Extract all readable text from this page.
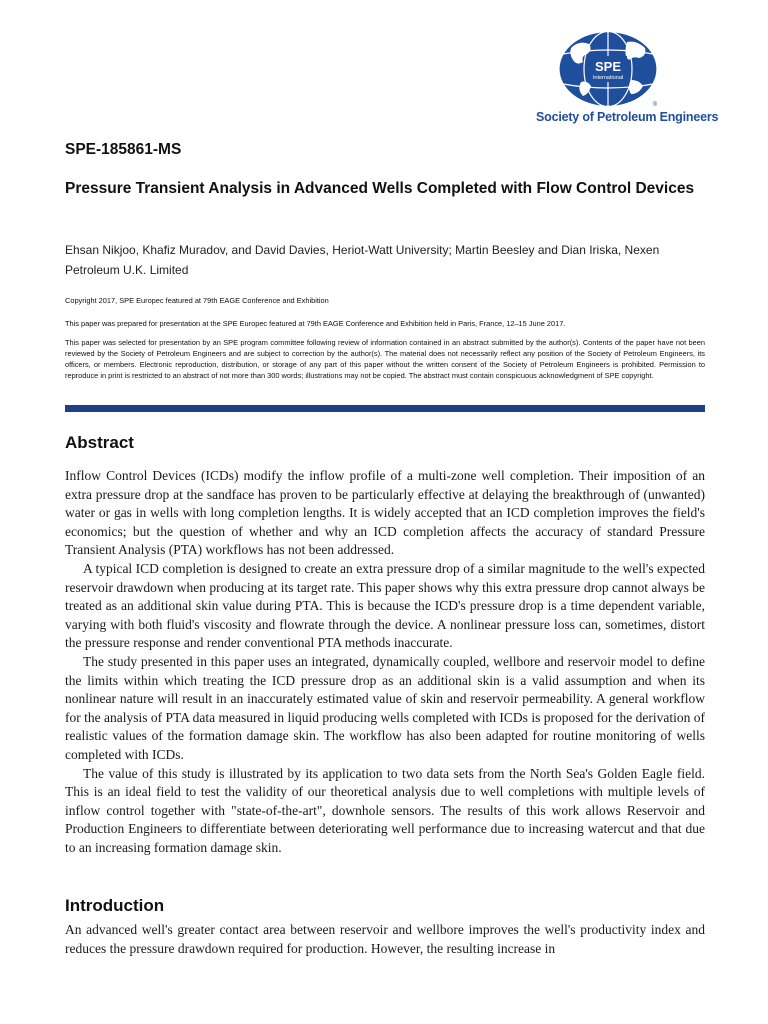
SPE
International
®
Society of Petroleum Engineers
SPE-185861-MS
Pressure Transient Analysis in Advanced Wells Completed with Flow Control Devices
Ehsan Nikjoo, Khafiz Muradov, and David Davies, Heriot-Watt University; Martin Beesley and Dian Iriska, Nexen Petroleum U.K. Limited
Copyright 2017, SPE Europec featured at 79th EAGE Conference and Exhibition
This paper was prepared for presentation at the SPE Europec featured at 79th EAGE Conference and Exhibition held in Paris, France, 12–15 June 2017.
This paper was selected for presentation by an SPE program committee following review of information contained in an abstract submitted by the author(s). Contents of the paper have not been reviewed by the Society of Petroleum Engineers and are subject to correction by the author(s). The material does not necessarily reflect any position of the Society of Petroleum Engineers, its officers, or members. Electronic reproduction, distribution, or storage of any part of this paper without the written consent of the Society of Petroleum Engineers is prohibited. Permission to reproduce in print is restricted to an abstract of not more than 300 words; illustrations may not be copied. The abstract must contain conspicuous acknowledgment of SPE copyright.
Abstract

Inflow Control Devices (ICDs) modify the inflow profile of a multi-zone well completion. Their imposition of an extra pressure drop at the sandface has proven to be particularly effective at delaying the breakthrough of (unwanted) water or gas in wells with long completion lengths. It is widely accepted that an ICD completion improves the field's economics; but the question of whether and why an ICD completion affects the accuracy of standard Pressure Transient Analysis (PTA) workflows has not been addressed.

A typical ICD completion is designed to create an extra pressure drop of a similar magnitude to the well's expected reservoir drawdown when producing at its target rate. This paper shows why this extra pressure drop cannot always be treated as an additional skin value during PTA. This is because the ICD's pressure drop is a time dependent variable, varying with both fluid's viscosity and flowrate through the device. A nonlinear pressure loss can, sometimes, distort the pressure response and render conventional PTA methods inaccurate.

The study presented in this paper uses an integrated, dynamically coupled, wellbore and reservoir model to define the limits within which treating the ICD pressure drop as an additional skin is a valid assumption and when its nonlinear nature will result in an inaccurately estimated value of skin and reservoir permeability. A general workflow for the analysis of PTA data measured in liquid producing wells completed with ICDs is proposed for the derivation of realistic values of the formation damage skin. The workflow has also been adapted for routine monitoring of wells completed with ICDs.

The value of this study is illustrated by its application to two data sets from the North Sea's Golden Eagle field. This is an ideal field to test the validity of our theoretical analysis due to well completions with multiple levels of inflow control together with "state-of-the-art", downhole sensors. The results of this work allows Reservoir and Production Engineers to differentiate between deteriorating well performance due to increasing watercut and that due to an increasing formation damage skin.

Introduction

An advanced well's greater contact area between reservoir and wellbore improves the well's productivity index and reduces the pressure drawdown required for production. However, the resulting increase in
